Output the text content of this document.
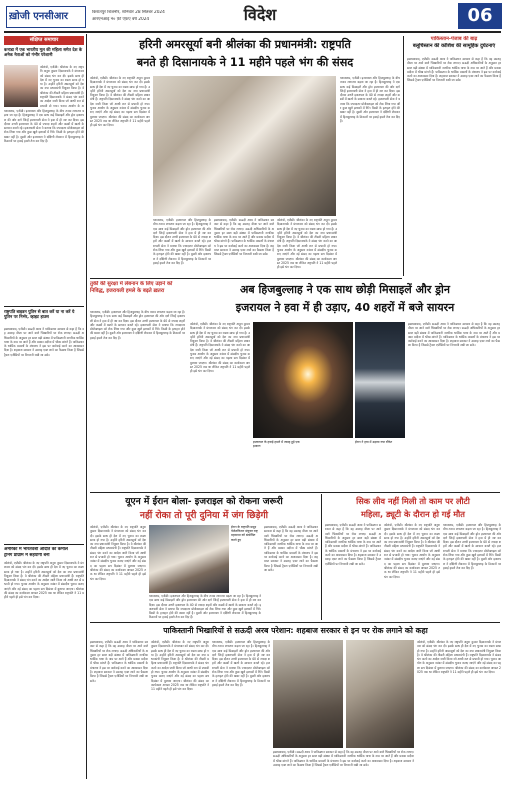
ख़ोजी एनसीआर	किरातपुर बिजनौर, शनिवार 28 सितंबर 2024
आरएनआई नं० फ़ी एफ़ए वर्ष 2024	विदेश	06
संक्षिप्त समाचार
कनाडा में एक भारतीय मूल की महिला समेत देश के अनेक नेताओं को गंभीर परेशानी
कोलंबो, एजेंसी। श्रीलंका के नए राष्ट्रपति अनुरा कुमार दिसानायके ने मंगलवार को संसद भंग कर दी। इसके साथ ही देश में नए चुनाव का रास्ता साफ हो गया है। उन्होंने हरिनी अमरसूर्या को देश का नया प्रधानमंत्री नियुक्त किया है। वे श्रीलंका की तीसरी महिला प्रधानमंत्री हैं। राष्ट्रपति दिसानायके ने संसद भंग करने का आदेश जारी किया जो आधी रात से प्रभावी हो गया। चुनाव आयोग के अ
यरूशलम, एजेंसी। इजरायल और हिजबुल्लाह के बीच तनाव लगातार बढ़ता जा रहा है। हिजबुल्लाह ने एक साथ कई मिसाइलें और ड्रोन इजरायल की ओर दागे जिन्हें इजरायली सेना ने हवा में ही नष्ट कर दिया। इस दौरान उत्तरी इजरायल के 40 से ज्यादा शहरों और कस्बों में खतरे के सायरन बजते रहे। इजरायली सेना ने बताया कि ज्यादातर प्रोजेक्टाइल को रोक लिया गया और कुछ खुले इलाकों में गिरे। किसी के हताहत होने की खबर नहीं है। दूसरी ओर इजरायल ने दक्षिणी लेबनान में हिजबुल्लाह के ठिकानों पर हवाई हमले तेज कर दिए हैं।
राष्ट्रपति बाइडन पुतिन से बात करें या ना करें ये पुतिन पर निर्भर, व्हाइट हाउस
इस्लामाबाद, एजेंसी। सऊदी अरब ने पाकिस्तान सरकार से कहा है कि वह उमराह वीजा पर आने वाले भिखारियों पर रोक लगाए। सऊदी अधिकारियों के अनुसार हर साल बड़ी संख्या में पाकिस्तानी नागरिक धार्मिक यात्रा के नाम पर आते हैं और मक्का मदीना में भीख मांगते हैं। पाकिस्तान के धार्मिक मामलों के मंत्रालय ने इस पर कार्रवाई करने का आश्वासन दिया है। शहबाज सरकार ने उमराह एक्ट लाने का फैसला किया है जिससे ट्रैवल एजेंसियों पर निगरानी रखी जा सके।
अमेरिका में भारतवंशी अदिति का कमाल
ट्रेनिंग प्रोग्राम में सहयोगी बनी
कोलंबो, एजेंसी। श्रीलंका के नए राष्ट्रपति अनुरा कुमार दिसानायके ने मंगलवार को संसद भंग कर दी। इसके साथ ही देश में नए चुनाव का रास्ता साफ हो गया है। उन्होंने हरिनी अमरसूर्या को देश का नया प्रधानमंत्री नियुक्त किया है। वे श्रीलंका की तीसरी महिला प्रधानमंत्री हैं। राष्ट्रपति दिसानायके ने संसद भंग करने का आदेश जारी किया जो आधी रात से प्रभावी हो गया। चुनाव आयोग के अनुसार नवंबर में संसदीय चुनाव कराए जाएंगे और नई संसद का पहला सत्र दिसंबर में बुलाया जाएगा। श्रीलंका की संसद का कार्यकाल अगस्त 2025 तक था लेकिन राष्ट्रपति ने 11 महीने पहले ही इसे भंग कर दिया।
हरिनी अमरसूर्या बनी श्रीलंका की प्रधानमंत्री: राष्ट्रपति
बनते ही दिसानायके ने 11 महीने पहले भंग की संसद
कोलंबो, एजेंसी। श्रीलंका के नए राष्ट्रपति अनुरा कुमार दिसानायके ने मंगलवार को संसद भंग कर दी। इसके साथ ही देश में नए चुनाव का रास्ता साफ हो गया है। उन्होंने हरिनी अमरसूर्या को देश का नया प्रधानमंत्री नियुक्त किया है। वे श्रीलंका की तीसरी महिला प्रधानमंत्री हैं। राष्ट्रपति दिसानायके ने संसद भंग करने का आदेश जारी किया जो आधी रात से प्रभावी हो गया। चुनाव आयोग के अनुसार नवंबर में संसदीय चुनाव कराए जाएंगे और नई संसद का पहला सत्र दिसंबर में बुलाया जाएगा। श्रीलंका की संसद का कार्यकाल अगस्त 2025 तक था लेकिन राष्ट्रपति ने 11 महीने पहले ही इसे भंग कर दिया।
यरूशलम, एजेंसी। इजरायल और हिजबुल्लाह के बीच तनाव लगातार बढ़ता जा रहा है। हिजबुल्लाह ने एक साथ कई मिसाइलें और ड्रोन इजरायल की ओर दागे जिन्हें इजरायली सेना ने हवा में ही नष्ट कर दिया। इस दौरान उत्तरी इजरायल के 40 से ज्यादा शहरों और कस्बों में खतरे के सायरन बजते रहे। इजरायली सेना ने बताया कि ज्यादातर प्रोजेक्टाइल को रोक लिया गया और कुछ खुले इलाकों में गिरे। किसी के हताहत होने की खबर नहीं है। दूसरी ओर इजरायल ने दक्षिणी लेबनान में हिजबुल्लाह के ठिकानों पर हवाई हमले तेज कर दिए हैं।
इस्लामाबाद, एजेंसी। सऊदी अरब ने पाकिस्तान सरकार से कहा है कि वह उमराह वीजा पर आने वाले भिखारियों पर रोक लगाए। सऊदी अधिकारियों के अनुसार हर साल बड़ी संख्या में पाकिस्तानी नागरिक धार्मिक यात्रा के नाम पर आते हैं और मक्का मदीना में भीख मांगते हैं। पाकिस्तान के धार्मिक मामलों के मंत्रालय ने इस पर कार्रवाई करने का आश्वासन दिया है। शहबाज सरकार ने उमराह एक्ट लाने का फैसला किया है जिससे ट्रैवल एजेंसियों पर निगरानी रखी जा सके।
कोलंबो, एजेंसी। श्रीलंका के नए राष्ट्रपति अनुरा कुमार दिसानायके ने मंगलवार को संसद भंग कर दी। इसके साथ ही देश में नए चुनाव का रास्ता साफ हो गया है। उन्होंने हरिनी अमरसूर्या को देश का नया प्रधानमंत्री नियुक्त किया है। वे श्रीलंका की तीसरी महिला प्रधानमंत्री हैं। राष्ट्रपति दिसानायके ने संसद भंग करने का आदेश जारी किया जो आधी रात से प्रभावी हो गया। चुनाव आयोग के अनुसार नवंबर में संसदीय चुनाव कराए जाएंगे और नई संसद का पहला सत्र दिसंबर में बुलाया जाएगा। श्रीलंका की संसद का कार्यकाल अगस्त 2025 तक था लेकिन राष्ट्रपति ने 11 महीने पहले ही इसे भंग कर दिया।
यरूशलम, एजेंसी। इजरायल और हिजबुल्लाह के बीच तनाव लगातार बढ़ता जा रहा है। हिजबुल्लाह ने एक साथ कई मिसाइलें और ड्रोन इजरायल की ओर दागे जिन्हें इजरायली सेना ने हवा में ही नष्ट कर दिया। इस दौरान उत्तरी इजरायल के 40 से ज्यादा शहरों और कस्बों में खतरे के सायरन बजते रहे। इजरायली सेना ने बताया कि ज्यादातर प्रोजेक्टाइल को रोक लिया गया और कुछ खुले इलाकों में गिरे। किसी के हताहत होने की खबर नहीं है। दूसरी ओर इजरायल ने दक्षिणी लेबनान में हिजबुल्लाह के ठिकानों पर हवाई हमले तेज कर दिए हैं।
पाकिस्तान-पंजाब की बाढ़
बलूचिस्तान की कोशिश की सामूहिक दुर्घटनाएं
इस्लामाबाद, एजेंसी। सऊदी अरब ने पाकिस्तान सरकार से कहा है कि वह उमराह वीजा पर आने वाले भिखारियों पर रोक लगाए। सऊदी अधिकारियों के अनुसार हर साल बड़ी संख्या में पाकिस्तानी नागरिक धार्मिक यात्रा के नाम पर आते हैं और मक्का मदीना में भीख मांगते हैं। पाकिस्तान के धार्मिक मामलों के मंत्रालय ने इस पर कार्रवाई करने का आश्वासन दिया है। शहबाज सरकार ने उमराह एक्ट लाने का फैसला किया है जिससे ट्रैवल एजेंसियों पर निगरानी रखी जा सके।
तुर्की की सुरक्षा में लेबनान के लिए उड़ाने को निविद्ध, इजरायली हमले के बढ़ते ख़तरा	अब हिजबुल्लाह ने एक साथ छोड़ी मिसाइलें और ड्रोन
इजरायल ने हवा में ही उड़ाए, 40 शहरों में बजे सायरन
यरूशलम, एजेंसी। इजरायल और हिजबुल्लाह के बीच तनाव लगातार बढ़ता जा रहा है। हिजबुल्लाह ने एक साथ कई मिसाइलें और ड्रोन इजरायल की ओर दागे जिन्हें इजरायली सेना ने हवा में ही नष्ट कर दिया। इस दौरान उत्तरी इजरायल के 40 से ज्यादा शहरों और कस्बों में खतरे के सायरन बजते रहे। इजरायली सेना ने बताया कि ज्यादातर प्रोजेक्टाइल को रोक लिया गया और कुछ खुले इलाकों में गिरे। किसी के हताहत होने की खबर नहीं है। दूसरी ओर इजरायल ने दक्षिणी लेबनान में हिजबुल्लाह के ठिकानों पर हवाई हमले तेज कर दिए हैं।
कोलंबो, एजेंसी। श्रीलंका के नए राष्ट्रपति अनुरा कुमार दिसानायके ने मंगलवार को संसद भंग कर दी। इसके साथ ही देश में नए चुनाव का रास्ता साफ हो गया है। उन्होंने हरिनी अमरसूर्या को देश का नया प्रधानमंत्री नियुक्त किया है। वे श्रीलंका की तीसरी महिला प्रधानमंत्री हैं। राष्ट्रपति दिसानायके ने संसद भंग करने का आदेश जारी किया जो आधी रात से प्रभावी हो गया। चुनाव आयोग के अनुसार नवंबर में संसदीय चुनाव कराए जाएंगे और नई संसद का पहला सत्र दिसंबर में बुलाया जाएगा। श्रीलंका की संसद का कार्यकाल अगस्त 2025 तक था लेकिन राष्ट्रपति ने 11 महीने पहले ही इसे भंग कर दिया।
इजरायल के हवाई हमले में तबाह हुई एक इमारत
ईरान ने हवा में उड़ाया गया रॉकेट
इस्लामाबाद, एजेंसी। सऊदी अरब ने पाकिस्तान सरकार से कहा है कि वह उमराह वीजा पर आने वाले भिखारियों पर रोक लगाए। सऊदी अधिकारियों के अनुसार हर साल बड़ी संख्या में पाकिस्तानी नागरिक धार्मिक यात्रा के नाम पर आते हैं और मक्का मदीना में भीख मांगते हैं। पाकिस्तान के धार्मिक मामलों के मंत्रालय ने इस पर कार्रवाई करने का आश्वासन दिया है। शहबाज सरकार ने उमराह एक्ट लाने का फैसला किया है जिससे ट्रैवल एजेंसियों पर निगरानी रखी जा सके।
यूएन में ईरान बोला- इजराइल को रोकना जरूरी
नहीं रोका तो पूरी दुनिया में जंग छिड़ेगी
कोलंबो, एजेंसी। श्रीलंका के नए राष्ट्रपति अनुरा कुमार दिसानायके ने मंगलवार को संसद भंग कर दी। इसके साथ ही देश में नए चुनाव का रास्ता साफ हो गया है। उन्होंने हरिनी अमरसूर्या को देश का नया प्रधानमंत्री नियुक्त किया है। वे श्रीलंका की तीसरी महिला प्रधानमंत्री हैं। राष्ट्रपति दिसानायके ने संसद भंग करने का आदेश जारी किया जो आधी रात से प्रभावी हो गया। चुनाव आयोग के अनुसार नवंबर में संसदीय चुनाव कराए जाएंगे और नई संसद का पहला सत्र दिसंबर में बुलाया जाएगा। श्रीलंका की संसद का कार्यकाल अगस्त 2025 तक था लेकिन राष्ट्रपति ने 11 महीने पहले ही इसे भंग कर दिया।
ईरान के राष्ट्रपति मसूद पेजेशकियन संयुक्त राष्ट्र महासभा को संबोधित करते हुए
यरूशलम, एजेंसी। इजरायल और हिजबुल्लाह के बीच तनाव लगातार बढ़ता जा रहा है। हिजबुल्लाह ने एक साथ कई मिसाइलें और ड्रोन इजरायल की ओर दागे जिन्हें इजरायली सेना ने हवा में ही नष्ट कर दिया। इस दौरान उत्तरी इजरायल के 40 से ज्यादा शहरों और कस्बों में खतरे के सायरन बजते रहे। इजरायली सेना ने बताया कि ज्यादातर प्रोजेक्टाइल को रोक लिया गया और कुछ खुले इलाकों में गिरे। किसी के हताहत होने की खबर नहीं है। दूसरी ओर इजरायल ने दक्षिणी लेबनान में हिजबुल्लाह के ठिकानों पर हवाई हमले तेज कर दिए हैं।
इस्लामाबाद, एजेंसी। सऊदी अरब ने पाकिस्तान सरकार से कहा है कि वह उमराह वीजा पर आने वाले भिखारियों पर रोक लगाए। सऊदी अधिकारियों के अनुसार हर साल बड़ी संख्या में पाकिस्तानी नागरिक धार्मिक यात्रा के नाम पर आते हैं और मक्का मदीना में भीख मांगते हैं। पाकिस्तान के धार्मिक मामलों के मंत्रालय ने इस पर कार्रवाई करने का आश्वासन दिया है। शहबाज सरकार ने उमराह एक्ट लाने का फैसला किया है जिससे ट्रैवल एजेंसियों पर निगरानी रखी जा सके।
सिक लीव नहीं मिली तो काम पर लौटी
महिला, ड्यूटी के दौरान हो गई मौत
इस्लामाबाद, एजेंसी। सऊदी अरब ने पाकिस्तान सरकार से कहा है कि वह उमराह वीजा पर आने वाले भिखारियों पर रोक लगाए। सऊदी अधिकारियों के अनुसार हर साल बड़ी संख्या में पाकिस्तानी नागरिक धार्मिक यात्रा के नाम पर आते हैं और मक्का मदीना में भीख मांगते हैं। पाकिस्तान के धार्मिक मामलों के मंत्रालय ने इस पर कार्रवाई करने का आश्वासन दिया है। शहबाज सरकार ने उमराह एक्ट लाने का फैसला किया है जिससे ट्रैवल एजेंसियों पर निगरानी रखी जा सके।
कोलंबो, एजेंसी। श्रीलंका के नए राष्ट्रपति अनुरा कुमार दिसानायके ने मंगलवार को संसद भंग कर दी। इसके साथ ही देश में नए चुनाव का रास्ता साफ हो गया है। उन्होंने हरिनी अमरसूर्या को देश का नया प्रधानमंत्री नियुक्त किया है। वे श्रीलंका की तीसरी महिला प्रधानमंत्री हैं। राष्ट्रपति दिसानायके ने संसद भंग करने का आदेश जारी किया जो आधी रात से प्रभावी हो गया। चुनाव आयोग के अनुसार नवंबर में संसदीय चुनाव कराए जाएंगे और नई संसद का पहला सत्र दिसंबर में बुलाया जाएगा। श्रीलंका की संसद का कार्यकाल अगस्त 2025 तक था लेकिन राष्ट्रपति ने 11 महीने पहले ही इसे भंग कर दिया।
यरूशलम, एजेंसी। इजरायल और हिजबुल्लाह के बीच तनाव लगातार बढ़ता जा रहा है। हिजबुल्लाह ने एक साथ कई मिसाइलें और ड्रोन इजरायल की ओर दागे जिन्हें इजरायली सेना ने हवा में ही नष्ट कर दिया। इस दौरान उत्तरी इजरायल के 40 से ज्यादा शहरों और कस्बों में खतरे के सायरन बजते रहे। इजरायली सेना ने बताया कि ज्यादातर प्रोजेक्टाइल को रोक लिया गया और कुछ खुले इलाकों में गिरे। किसी के हताहत होने की खबर नहीं है। दूसरी ओर इजरायल ने दक्षिणी लेबनान में हिजबुल्लाह के ठिकानों पर हवाई हमले तेज कर दिए हैं।
पाकिस्तानी भिखारियों से सऊदी अरब परेशान: शहबाज सरकार से इन पर रोक लगाने को कहा
इस्लामाबाद, एजेंसी। सऊदी अरब ने पाकिस्तान सरकार से कहा है कि वह उमराह वीजा पर आने वाले भिखारियों पर रोक लगाए। सऊदी अधिकारियों के अनुसार हर साल बड़ी संख्या में पाकिस्तानी नागरिक धार्मिक यात्रा के नाम पर आते हैं और मक्का मदीना में भीख मांगते हैं। पाकिस्तान के धार्मिक मामलों के मंत्रालय ने इस पर कार्रवाई करने का आश्वासन दिया है। शहबाज सरकार ने उमराह एक्ट लाने का फैसला किया है जिससे ट्रैवल एजेंसियों पर निगरानी रखी जा सके।
कोलंबो, एजेंसी। श्रीलंका के नए राष्ट्रपति अनुरा कुमार दिसानायके ने मंगलवार को संसद भंग कर दी। इसके साथ ही देश में नए चुनाव का रास्ता साफ हो गया है। उन्होंने हरिनी अमरसूर्या को देश का नया प्रधानमंत्री नियुक्त किया है। वे श्रीलंका की तीसरी महिला प्रधानमंत्री हैं। राष्ट्रपति दिसानायके ने संसद भंग करने का आदेश जारी किया जो आधी रात से प्रभावी हो गया। चुनाव आयोग के अनुसार नवंबर में संसदीय चुनाव कराए जाएंगे और नई संसद का पहला सत्र दिसंबर में बुलाया जाएगा। श्रीलंका की संसद का कार्यकाल अगस्त 2025 तक था लेकिन राष्ट्रपति ने 11 महीने पहले ही इसे भंग कर दिया।
यरूशलम, एजेंसी। इजरायल और हिजबुल्लाह के बीच तनाव लगातार बढ़ता जा रहा है। हिजबुल्लाह ने एक साथ कई मिसाइलें और ड्रोन इजरायल की ओर दागे जिन्हें इजरायली सेना ने हवा में ही नष्ट कर दिया। इस दौरान उत्तरी इजरायल के 40 से ज्यादा शहरों और कस्बों में खतरे के सायरन बजते रहे। इजरायली सेना ने बताया कि ज्यादातर प्रोजेक्टाइल को रोक लिया गया और कुछ खुले इलाकों में गिरे। किसी के हताहत होने की खबर नहीं है। दूसरी ओर इजरायल ने दक्षिणी लेबनान में हिजबुल्लाह के ठिकानों पर हवाई हमले तेज कर दिए हैं।
इस्लामाबाद, एजेंसी। सऊदी अरब ने पाकिस्तान सरकार से कहा है कि वह उमराह वीजा पर आने वाले भिखारियों पर रोक लगाए। सऊदी अधिकारियों के अनुसार हर साल बड़ी संख्या में पाकिस्तानी नागरिक धार्मिक यात्रा के नाम पर आते हैं और मक्का मदीना में भीख मांगते हैं। पाकिस्तान के धार्मिक मामलों के मंत्रालय ने इस पर कार्रवाई करने का आश्वासन दिया है। शहबाज सरकार ने उमराह एक्ट लाने का फैसला किया है जिससे ट्रैवल एजेंसियों पर निगरानी रखी जा सके।
कोलंबो, एजेंसी। श्रीलंका के नए राष्ट्रपति अनुरा कुमार दिसानायके ने मंगलवार को संसद भंग कर दी। इसके साथ ही देश में नए चुनाव का रास्ता साफ हो गया है। उन्होंने हरिनी अमरसूर्या को देश का नया प्रधानमंत्री नियुक्त किया है। वे श्रीलंका की तीसरी महिला प्रधानमंत्री हैं। राष्ट्रपति दिसानायके ने संसद भंग करने का आदेश जारी किया जो आधी रात से प्रभावी हो गया। चुनाव आयोग के अनुसार नवंबर में संसदीय चुनाव कराए जाएंगे और नई संसद का पहला सत्र दिसंबर में बुलाया जाएगा। श्रीलंका की संसद का कार्यकाल अगस्त 2025 तक था लेकिन राष्ट्रपति ने 11 महीने पहले ही इसे भंग कर दिया।
